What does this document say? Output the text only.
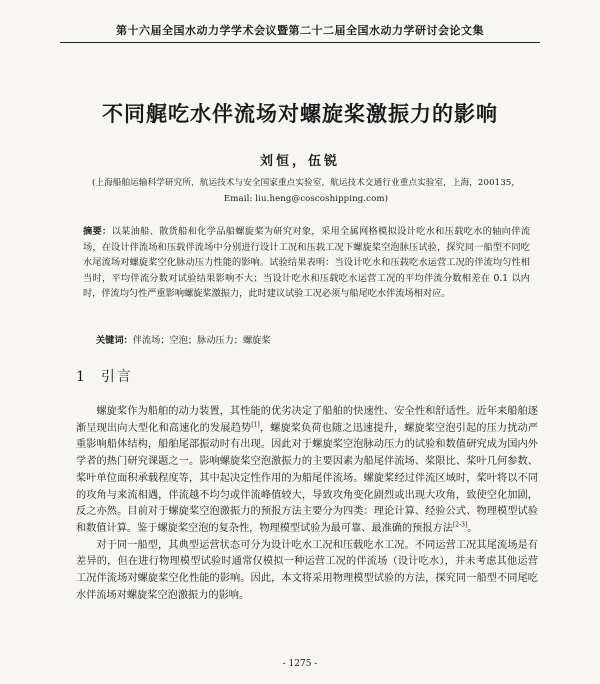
第十六届全国水动力学学术会议暨第二十二届全国水动力学研讨会论文集
不同艉吃水伴流场对螺旋桨激振力的影响
刘恒，伍锐
(上海船舶运输科学研究所，航运技术与安全国家重点实验室，航运技术交通行业重点实验室，上海，200135，
Email: liu.heng@coscoshipping.com)
摘要：以某油船、散货船和化学品船螺旋桨为研究对象，采用全属网格模拟设计吃水和压载吃水的轴向伴流场，在设计伴流场和压载伴流场中分别进行设计工况和压载工况下螺旋桨空泡脉压试验，探究同一船型不同吃水尾流场对螺旋桨空化脉动压力性能的影响。试验结果表明：当设计吃水和压载吃水运营工况的伴流均匀性相当时，平均伴流分数对试验结果影响不大；当设计吃水和压载吃水运营工况的平均伴流分数相差在 0.1 以内时，伴流均匀性严重影响螺旋桨激振力，此时建议试验工况必须与船尾吃水伴流场相对应。
关键词：伴流场；空泡；脉动压力；螺旋桨
1 引言

螺旋桨作为船舶的动力装置，其性能的优劣决定了船舶的快速性、安全性和舒适性。近年来船舶逐渐呈现出向大型化和高速化的发展趋势[1]，螺旋桨负荷也随之迅速提升，螺旋桨空泡引起的压力扰动严重影响船体结构，船舶尾部振动时有出现。因此对于螺旋桨空泡脉动压力的试验和数值研究成为国内外学者的热门研究课题之一。影响螺旋桨空泡激振力的主要因素为船尾伴流场、桨限比、桨叶几何参数、桨叶单位面积承载程度等，其中起决定性作用的为船尾伴流场。螺旋桨经过伴流区域时，桨叶将以不同的攻角与来流相遇，伴流越不均匀或伴流峰值较大，导致攻角变化剧烈或出现大攻角，致使空化加剧，反之亦然。目前对于螺旋桨空泡激振力的预报方法主要分为四类：理论计算、经验公式、物理模型试验和数值计算。鉴于螺旋桨空泡的复杂性，物理模型试验为最可靠、最准确的预报方法[2-3]。

对于同一船型，其典型运营状态可分为设计吃水工况和压载吃水工况。不同运营工况其尾流场是有差异的，但在进行物理模型试验时通常仅模拟一种运营工况的伴流场（设计吃水），并未考虑其他运营工况伴流场对螺旋桨空化性能的影响。因此，本文将采用物理模型试验的方法，探究同一船型不同尾吃水伴流场对螺旋桨空泡激振力的影响。

- 1275 -
